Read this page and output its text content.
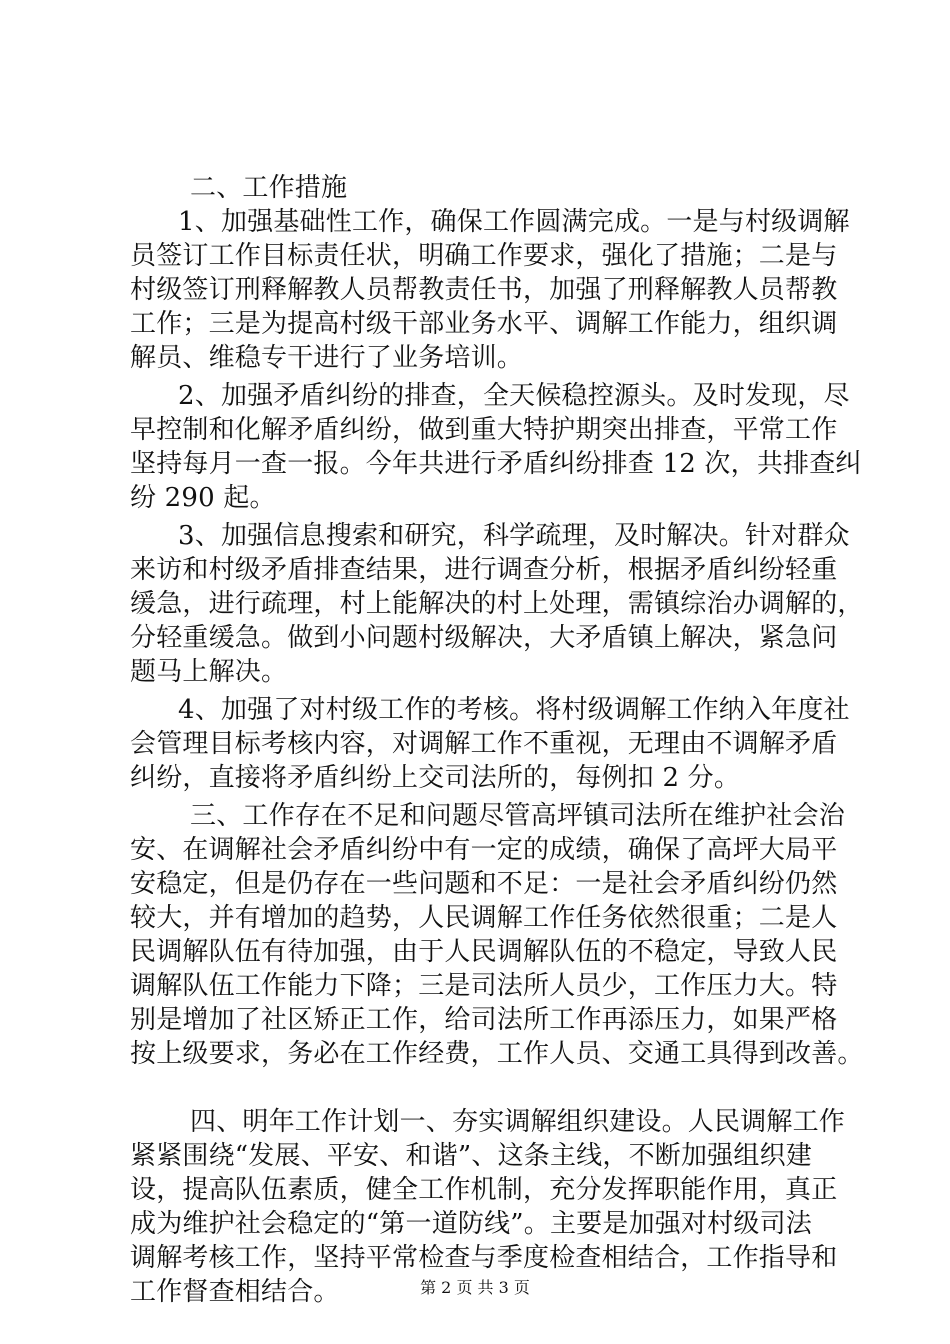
二、工作措施
1、加强基础性工作，确保工作圆满完成。一是与村级调解
员签订工作目标责任状，明确工作要求，强化了措施；二是与
村级签订刑释解教人员帮教责任书，加强了刑释解教人员帮教
工作；三是为提高村级干部业务水平、调解工作能力，组织调
解员、维稳专干进行了业务培训。
2、加强矛盾纠纷的排查，全天候稳控源头。及时发现，尽
早控制和化解矛盾纠纷，做到重大特护期突出排查，平常工作
坚持每月一查一报。今年共进行矛盾纠纷排查 12 次，共排查纠
纷 290 起。
3、加强信息搜索和研究，科学疏理，及时解决。针对群众
来访和村级矛盾排查结果，进行调查分析，根据矛盾纠纷轻重
缓急，进行疏理，村上能解决的村上处理，需镇综治办调解的，
分轻重缓急。做到小问题村级解决，大矛盾镇上解决，紧急问
题马上解决。
4、加强了对村级工作的考核。将村级调解工作纳入年度社
会管理目标考核内容，对调解工作不重视，无理由不调解矛盾
纠纷，直接将矛盾纠纷上交司法所的，每例扣 2 分。
三、工作存在不足和问题尽管高坪镇司法所在维护社会治
安、在调解社会矛盾纠纷中有一定的成绩，确保了高坪大局平
安稳定，但是仍存在一些问题和不足：一是社会矛盾纠纷仍然
较大，并有增加的趋势，人民调解工作任务依然很重；二是人
民调解队伍有待加强，由于人民调解队伍的不稳定，导致人民
调解队伍工作能力下降；三是司法所人员少，工作压力大。特
别是增加了社区矫正工作，给司法所工作再添压力，如果严格
按上级要求，务必在工作经费，工作人员、交通工具得到改善。
四、明年工作计划一、夯实调解组织建设。人民调解工作
紧紧围绕“发展、平安、和谐”、这条主线，不断加强组织建
设，提高队伍素质，健全工作机制，充分发挥职能作用，真正
成为维护社会稳定的“第一道防线”。主要是加强对村级司法
调解考核工作，坚持平常检查与季度检查相结合，工作指导和
工作督查相结合。	第 2 页 共 3 页
